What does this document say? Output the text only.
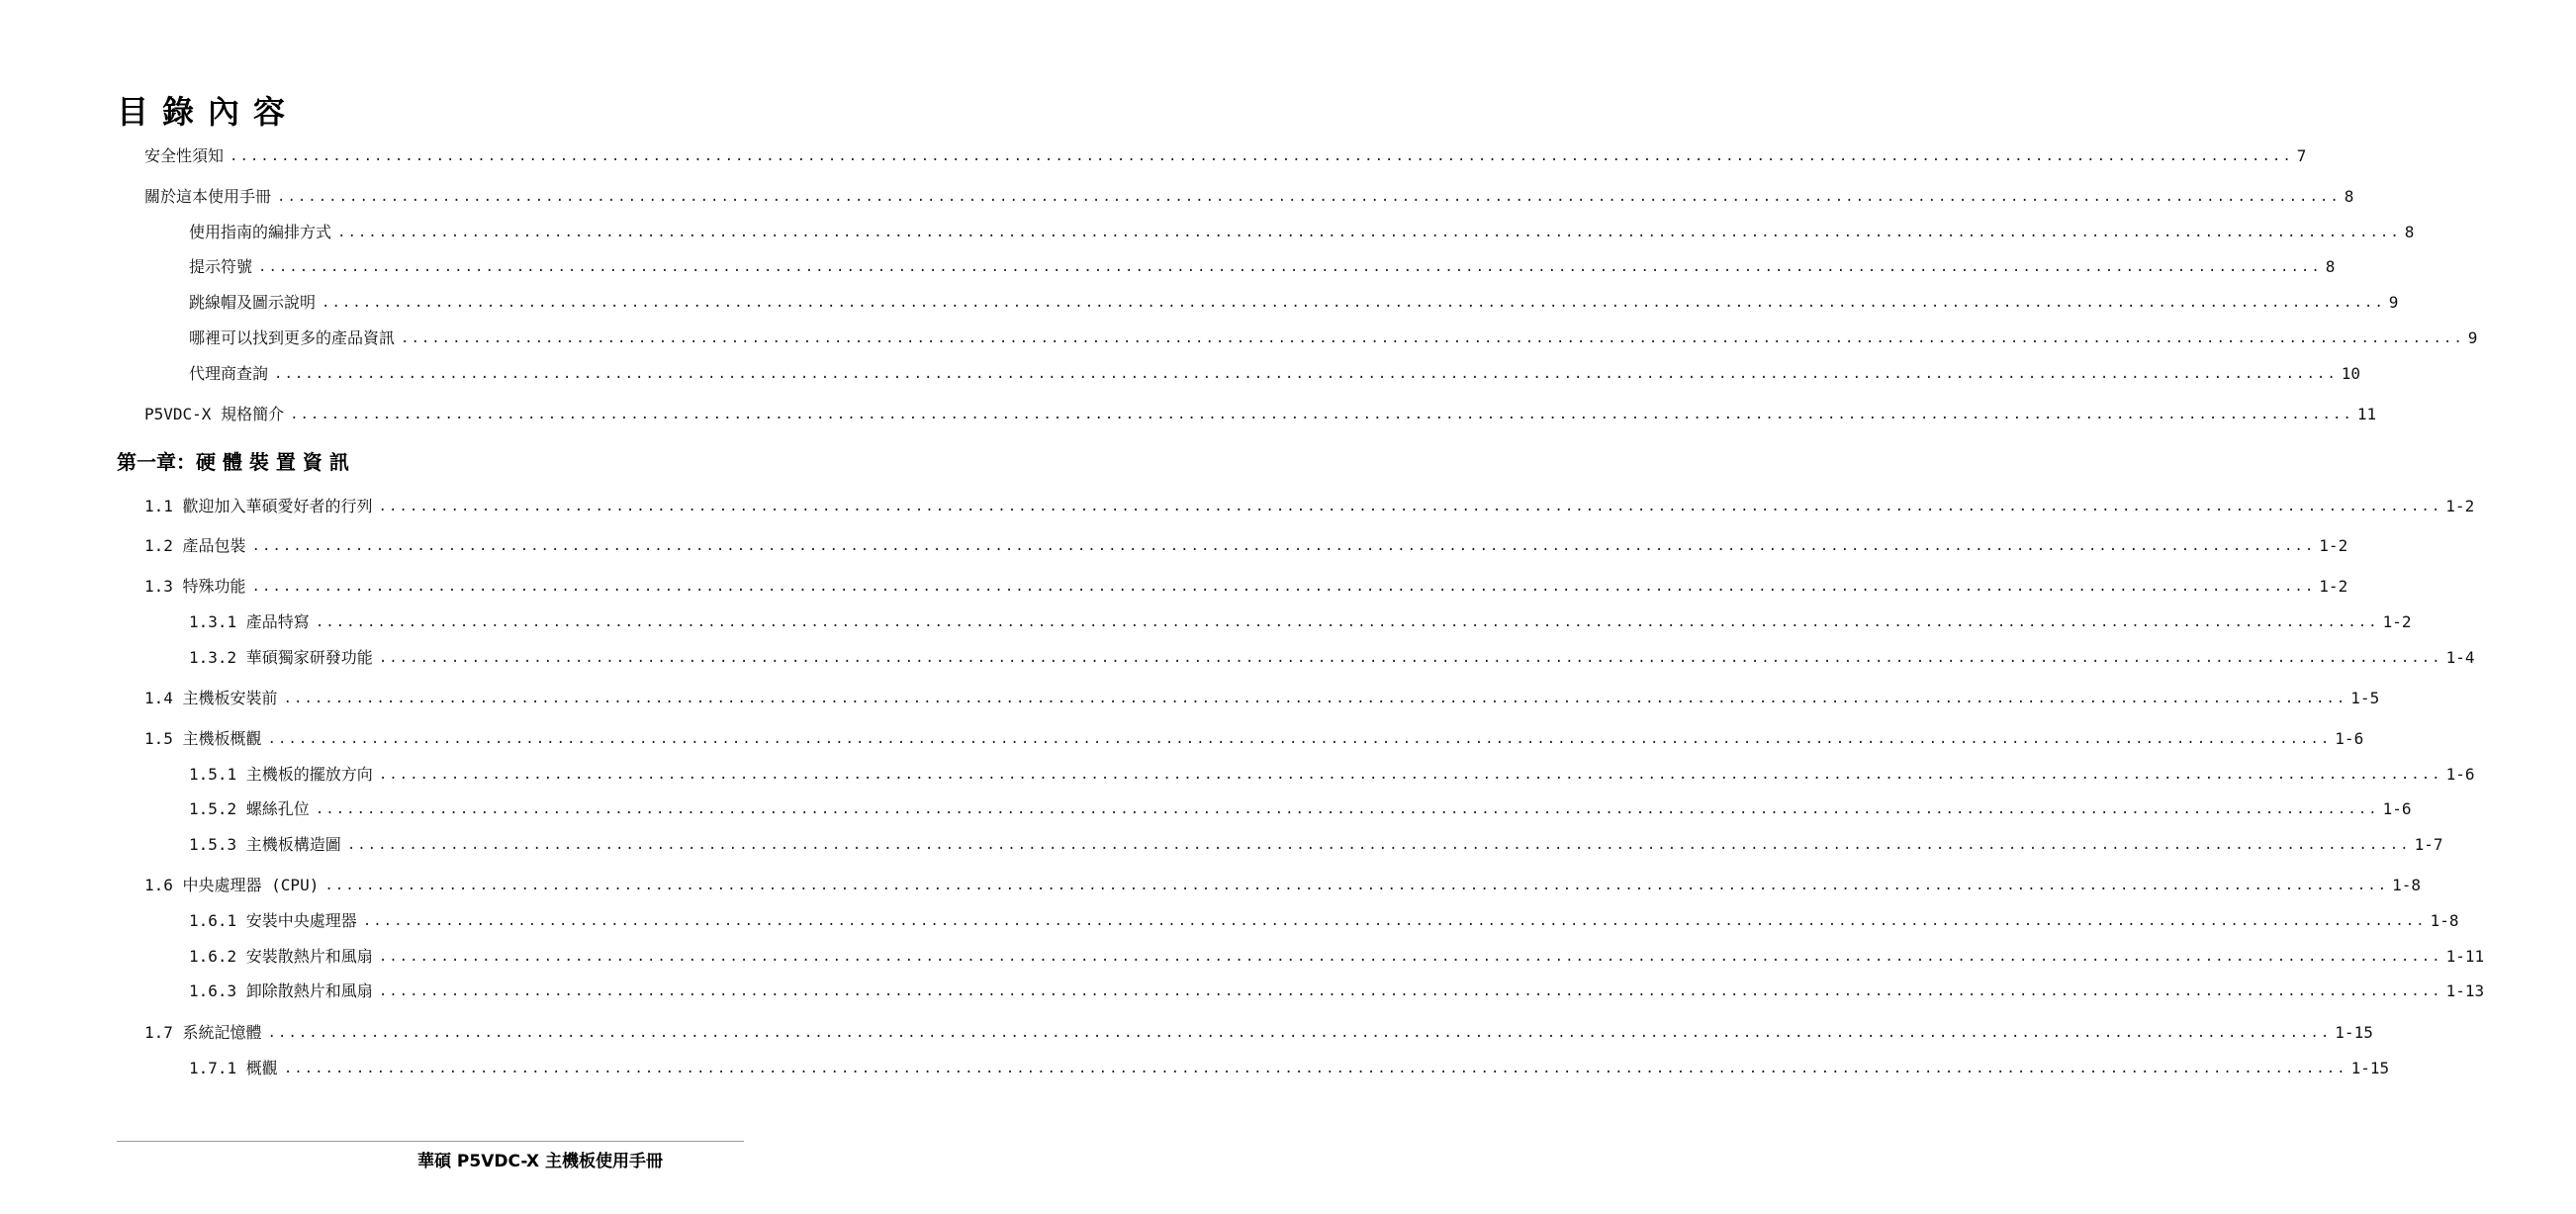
目錄內容
第一章：硬 體 裝 置 資 訊
安全性須知 ........................................................................................................................................................................................................ 7
關於這本使用手冊 ........................................................................................................................................................................................................ 8
使用指南的編排方式 ........................................................................................................................................................................................................ 8
提示符號 ........................................................................................................................................................................................................ 8
跳線帽及圖示說明 ........................................................................................................................................................................................................ 9
哪裡可以找到更多的產品資訊 ........................................................................................................................................................................................................ 9
代理商查詢 ........................................................................................................................................................................................................ 10
P5VDC-X 規格簡介 ........................................................................................................................................................................................................ 11
1.1 歡迎加入華碩愛好者的行列 ........................................................................................................................................................................................................ 1-2
1.2 產品包裝 ........................................................................................................................................................................................................ 1-2
1.3 特殊功能 ........................................................................................................................................................................................................ 1-2
1.3.1 產品特寫 ........................................................................................................................................................................................................ 1-2
1.3.2 華碩獨家研發功能 ........................................................................................................................................................................................................ 1-4
1.4 主機板安裝前 ........................................................................................................................................................................................................ 1-5
1.5 主機板概觀 ........................................................................................................................................................................................................ 1-6
1.5.1 主機板的擺放方向 ........................................................................................................................................................................................................ 1-6
1.5.2 螺絲孔位 ........................................................................................................................................................................................................ 1-6
1.5.3 主機板構造圖 ........................................................................................................................................................................................................ 1-7
1.6 中央處理器 (CPU) ........................................................................................................................................................................................................ 1-8
1.6.1 安裝中央處理器 ........................................................................................................................................................................................................ 1-8
1.6.2 安裝散熱片和風扇 ........................................................................................................................................................................................................ 1-11
1.6.3 卸除散熱片和風扇 ........................................................................................................................................................................................................ 1-13
1.7 系統記憶體 ........................................................................................................................................................................................................ 1-15
1.7.1 概觀 ........................................................................................................................................................................................................ 1-15
華碩 P5VDC-X 主機板使用手冊
